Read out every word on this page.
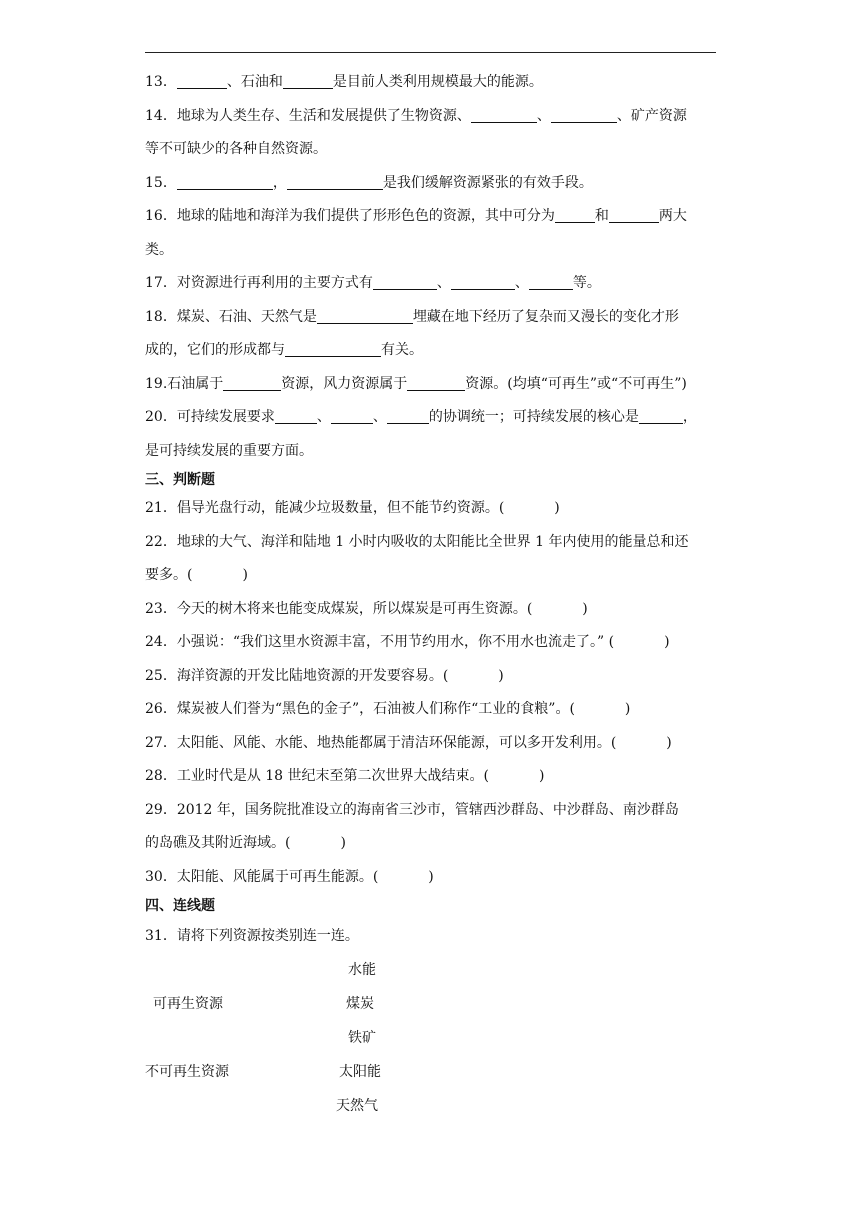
13．	、石油和	是目前人类利用规模最大的能源。
14．地球为人类生存、生活和发展提供了生物资源、	、	、矿产资源
等不可缺少的各种自然资源。
15．	，	是我们缓解资源紧张的有效手段。
16．地球的陆地和海洋为我们提供了形形色色的资源，其中可分为	和	两大
类。
17．对资源进行再利用的主要方式有	、	、	等。
18．煤炭、石油、天然气是	埋藏在地下经历了复杂而又漫长的变化才形
成的，它们的形成都与	有关。
19.石油属于	资源，风力资源属于	资源。(均填“可再生”或“不可再生”)
20．可持续发展要求	、	、	的协调统一；可持续发展的核心是	，
是可持续发展的重要方面。
三、判断题
21．倡导光盘行动，能减少垃圾数量，但不能节约资源。(	)
22．地球的大气、海洋和陆地 1 小时内吸收的太阳能比全世界 1 年内使用的能量总和还
要多。(	)
23．今天的树木将来也能变成煤炭，所以煤炭是可再生资源。(	)
24．小强说：“我们这里水资源丰富，不用节约用水，你不用水也流走了。” (	)
25．海洋资源的开发比陆地资源的开发要容易。(	)
26．煤炭被人们誉为“黑色的金子”，石油被人们称作“工业的食粮”。(	)
27．太阳能、风能、水能、地热能都属于清洁环保能源，可以多开发利用。(	)
28．工业时代是从 18 世纪末至第二次世界大战结束。(	)
29．2012 年，国务院批准设立的海南省三沙市，管辖西沙群岛、中沙群岛、南沙群岛
的岛礁及其附近海域。(	)
30．太阳能、风能属于可再生能源。(	)
四、连线题
31．请将下列资源按类别连一连。
可再生资源
不可再生资源
水能
煤炭
铁矿
太阳能
天然气
